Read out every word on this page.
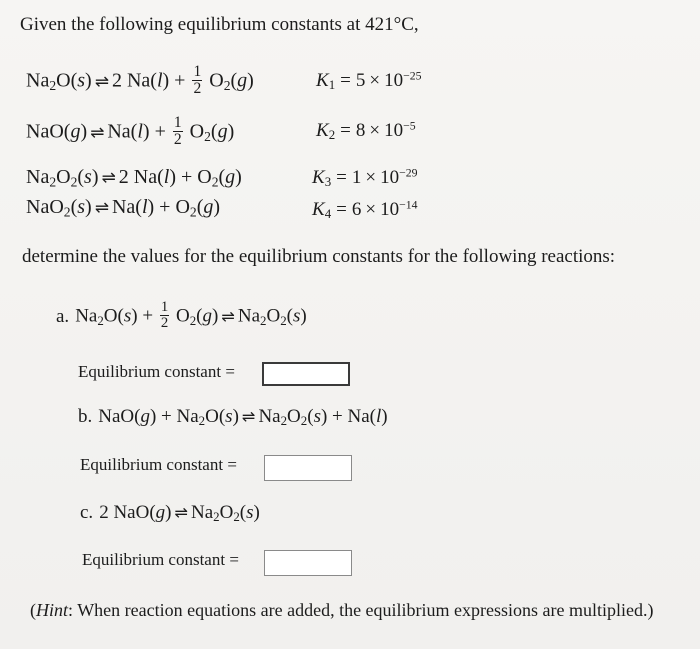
Given the following equilibrium constants at 421°C,
$Na_2O(s)$ ⇌ 2 $Na(l) + \frac{1}{2} O_2(g)$	$K_1 = 5 \times 10^{-25}$
NaO(g) ⇌ $Na(l) + \frac{1}{2} O_2(g)$	$K_2 = 8 \times 10^{-5}$
$Na_2O_2(s)$ ⇌ 2 $Na(l) + O_2(g)$	$K_3 = 1 \times 10^{-29}$
NaO$_2$(s) ⇌ $Na(l) + O_2(g)$	$K_4 = 6 \times 10^{-14}$
determine the values for the equilibrium constants for the following reactions:
a. $Na_2O(s) + \frac{1}{2} O_2(g)$ ⇌ $Na_2O_2(s)$
Equilibrium constant =
b. $NaO(g) + Na_2O(s)$ ⇌ $Na_2O_2(s) + Na(l)$
Equilibrium constant =
c. 2 NaO(g) ⇌ $Na_2O_2(s)$
Equilibrium constant =
(Hint: When reaction equations are added, the equilibrium expressions are multiplied.)
